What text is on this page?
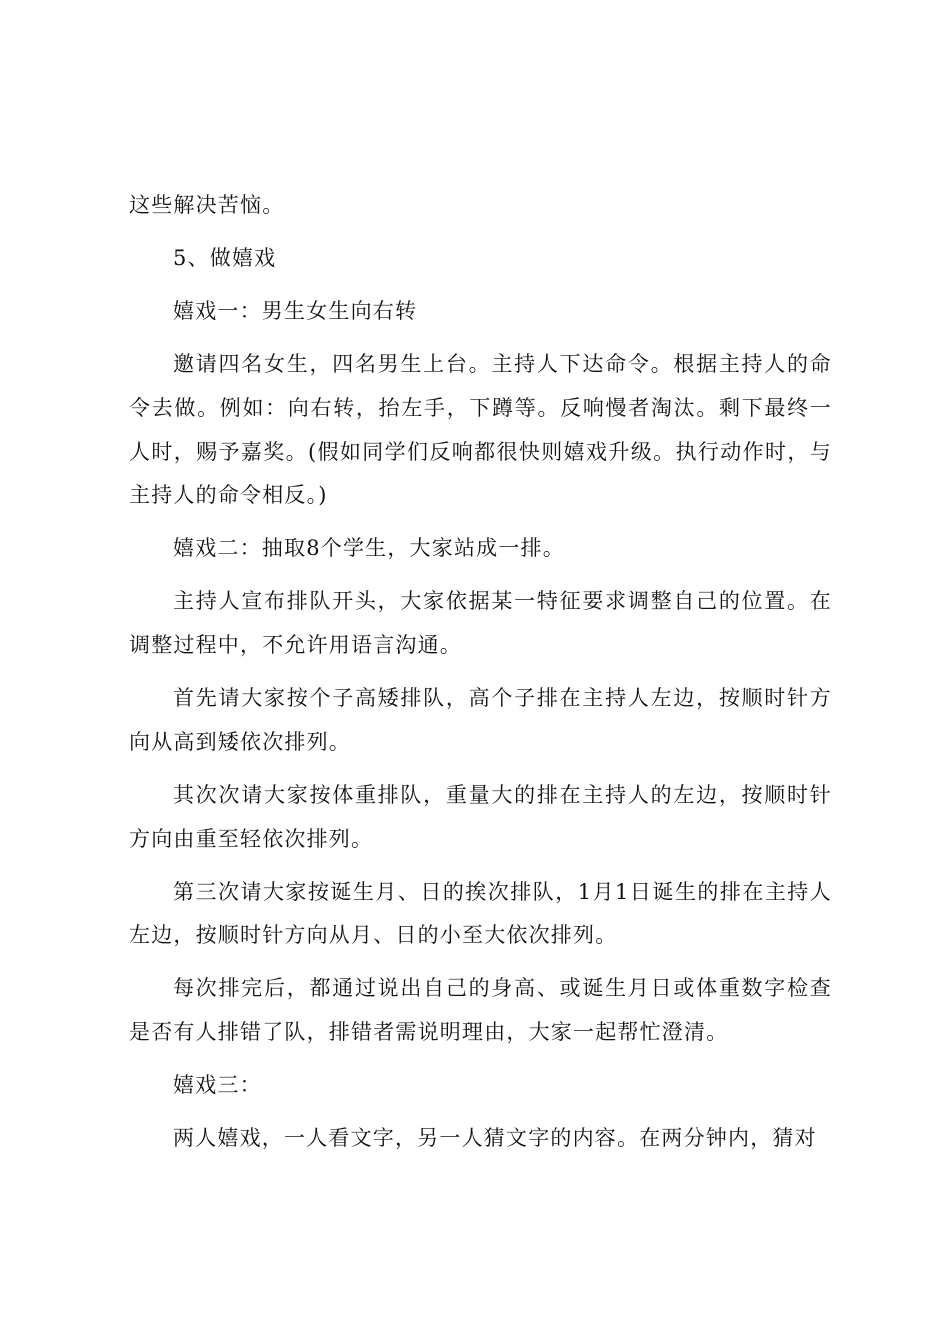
这些解决苦恼。

5、做嬉戏

嬉戏一：男生女生向右转

邀请四名女生，四名男生上台。主持人下达命令。根据主持人的命令去做。例如：向右转，抬左手，下蹲等。反响慢者淘汰。剩下最终一人时，赐予嘉奖。(假如同学们反响都很快则嬉戏升级。执行动作时，与主持人的命令相反。)

嬉戏二：抽取8个学生，大家站成一排。

主持人宣布排队开头，大家依据某一特征要求调整自己的位置。在调整过程中，不允许用语言沟通。

首先请大家按个子高矮排队，高个子排在主持人左边，按顺时针方向从高到矮依次排列。

其次次请大家按体重排队，重量大的排在主持人的左边，按顺时针方向由重至轻依次排列。

第三次请大家按诞生月、日的挨次排队，1月1日诞生的排在主持人左边，按顺时针方向从月、日的小至大依次排列。

每次排完后，都通过说出自己的身高、或诞生月日或体重数字检查是否有人排错了队，排错者需说明理由，大家一起帮忙澄清。

嬉戏三：

两人嬉戏，一人看文字，另一人猜文字的内容。在两分钟内，猜对
